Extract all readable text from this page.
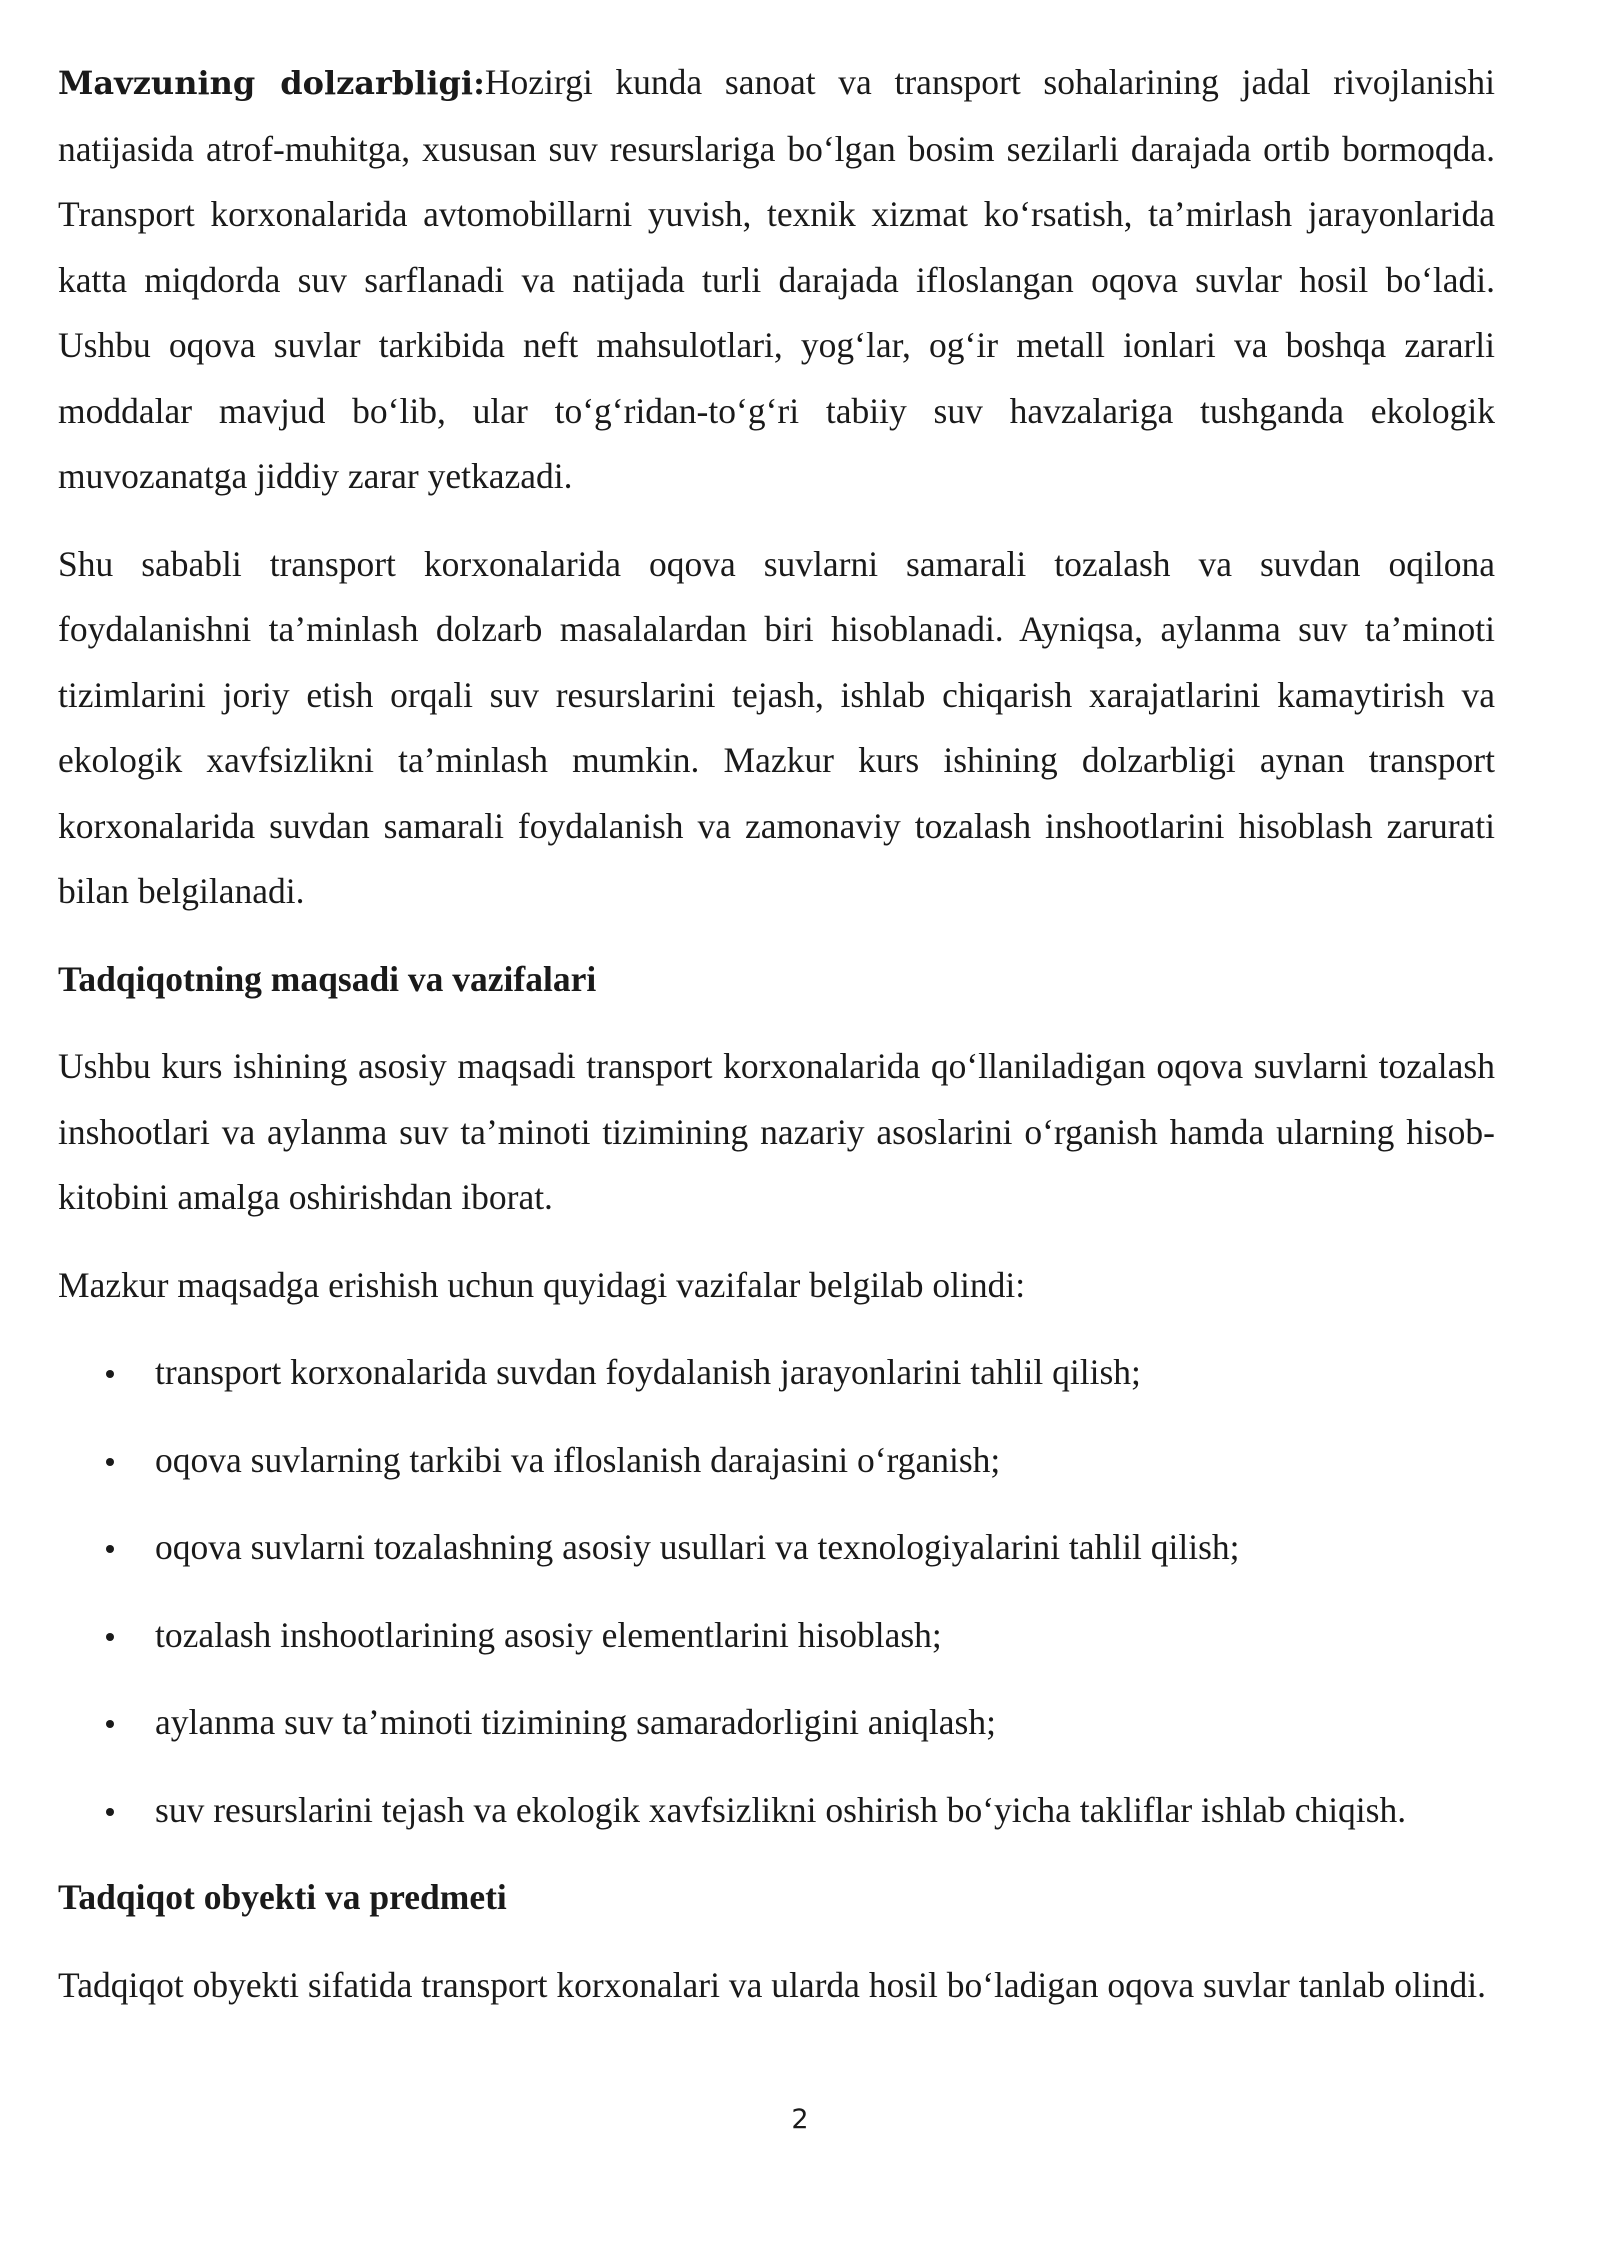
Mavzuning dolzarbligi:Hozirgi kunda sanoat va transport sohalarining jadal rivojlanishi natijasida atrof-muhitga, xususan suv resurslariga bo‘lgan bosim sezilarli darajada ortib bormoqda. Transport korxonalarida avtomobillarni yuvish, texnik xizmat ko‘rsatish, ta’mirlash jarayonlarida katta miqdorda suv sarflanadi va natijada turli darajada ifloslangan oqova suvlar hosil bo‘ladi. Ushbu oqova suvlar tarkibida neft mahsulotlari, yog‘lar, og‘ir metall ionlari va boshqa zararli moddalar mavjud bo‘lib, ular to‘g‘ridan-to‘g‘ri tabiiy suv havzalariga tushganda ekologik muvozanatga jiddiy zarar yetkazadi.

Shu sababli transport korxonalarida oqova suvlarni samarali tozalash va suvdan oqilona foydalanishni ta’minlash dolzarb masalalardan biri hisoblanadi. Ayniqsa, aylanma suv ta’minoti tizimlarini joriy etish orqali suv resurslarini tejash, ishlab chiqarish xarajatlarini kamaytirish va ekologik xavfsizlikni ta’minlash mumkin. Mazkur kurs ishining dolzarbligi aynan transport korxonalarida suvdan samarali foydalanish va zamonaviy tozalash inshootlarini hisoblash zarurati bilan belgilanadi.

Tadqiqotning maqsadi va vazifalari

Ushbu kurs ishining asosiy maqsadi transport korxonalarida qo‘llaniladigan oqova suvlarni tozalash inshootlari va aylanma suv ta’minoti tizimining nazariy asoslarini o‘rganish hamda ularning hisob-kitobini amalga oshirishdan iborat.

Mazkur maqsadga erishish uchun quyidagi vazifalar belgilab olindi:

transport korxonalarida suvdan foydalanish jarayonlarini tahlil qilish;
oqova suvlarning tarkibi va ifloslanish darajasini o‘rganish;
oqova suvlarni tozalashning asosiy usullari va texnologiyalarini tahlil qilish;
tozalash inshootlarining asosiy elementlarini hisoblash;
aylanma suv ta’minoti tizimining samaradorligini aniqlash;
suv resurslarini tejash va ekologik xavfsizlikni oshirish bo‘yicha takliflar ishlab chiqish.

Tadqiqot obyekti va predmeti

Tadqiqot obyekti sifatida transport korxonalari va ularda hosil bo‘ladigan oqova suvlar tanlab olindi.

2
